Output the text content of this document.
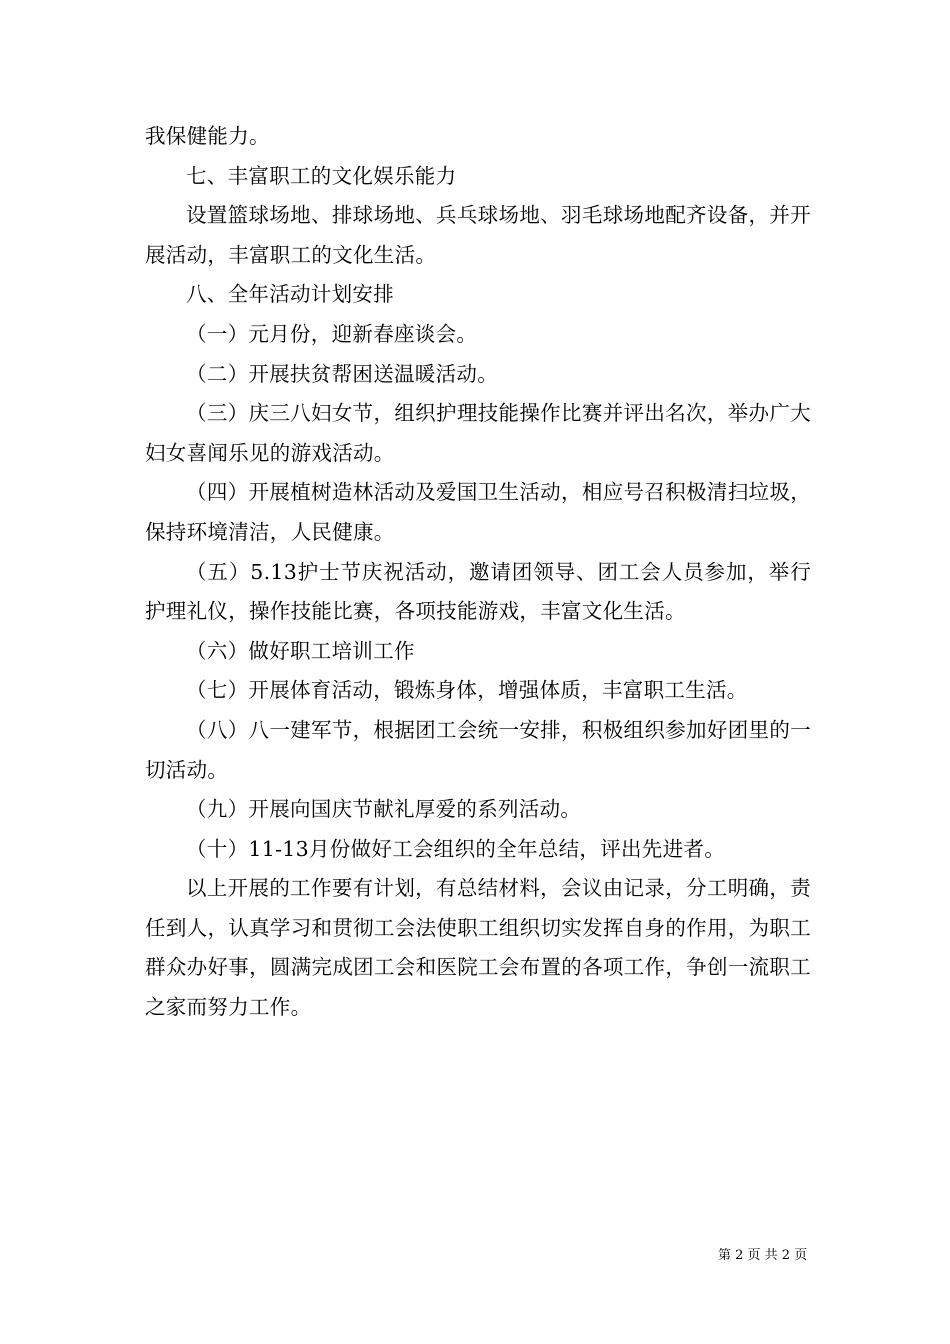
我保健能力。

七、丰富职工的文化娱乐能力

设置篮球场地、排球场地、兵乓球场地、羽毛球场地配齐设备，并开展活动，丰富职工的文化生活。

八、全年活动计划安排

（一）元月份，迎新春座谈会。

（二）开展扶贫帮困送温暖活动。

（三）庆三八妇女节，组织护理技能操作比赛并评出名次，举办广大妇女喜闻乐见的游戏活动。

（四）开展植树造林活动及爱国卫生活动，相应号召积极清扫垃圾，保持环境清洁，人民健康。

（五）5.13护士节庆祝活动，邀请团领导、团工会人员参加，举行护理礼仪，操作技能比赛，各项技能游戏，丰富文化生活。

（六）做好职工培训工作

（七）开展体育活动，锻炼身体，增强体质，丰富职工生活。

（八）八一建军节，根据团工会统一安排，积极组织参加好团里的一切活动。

（九）开展向国庆节献礼厚爱的系列活动。

（十）11-13月份做好工会组织的全年总结，评出先进者。

以上开展的工作要有计划，有总结材料，会议由记录，分工明确，责任到人，认真学习和贯彻工会法使职工组织切实发挥自身的作用，为职工群众办好事，圆满完成团工会和医院工会布置的各项工作，争创一流职工之家而努力工作。

第 2 页 共 2 页
